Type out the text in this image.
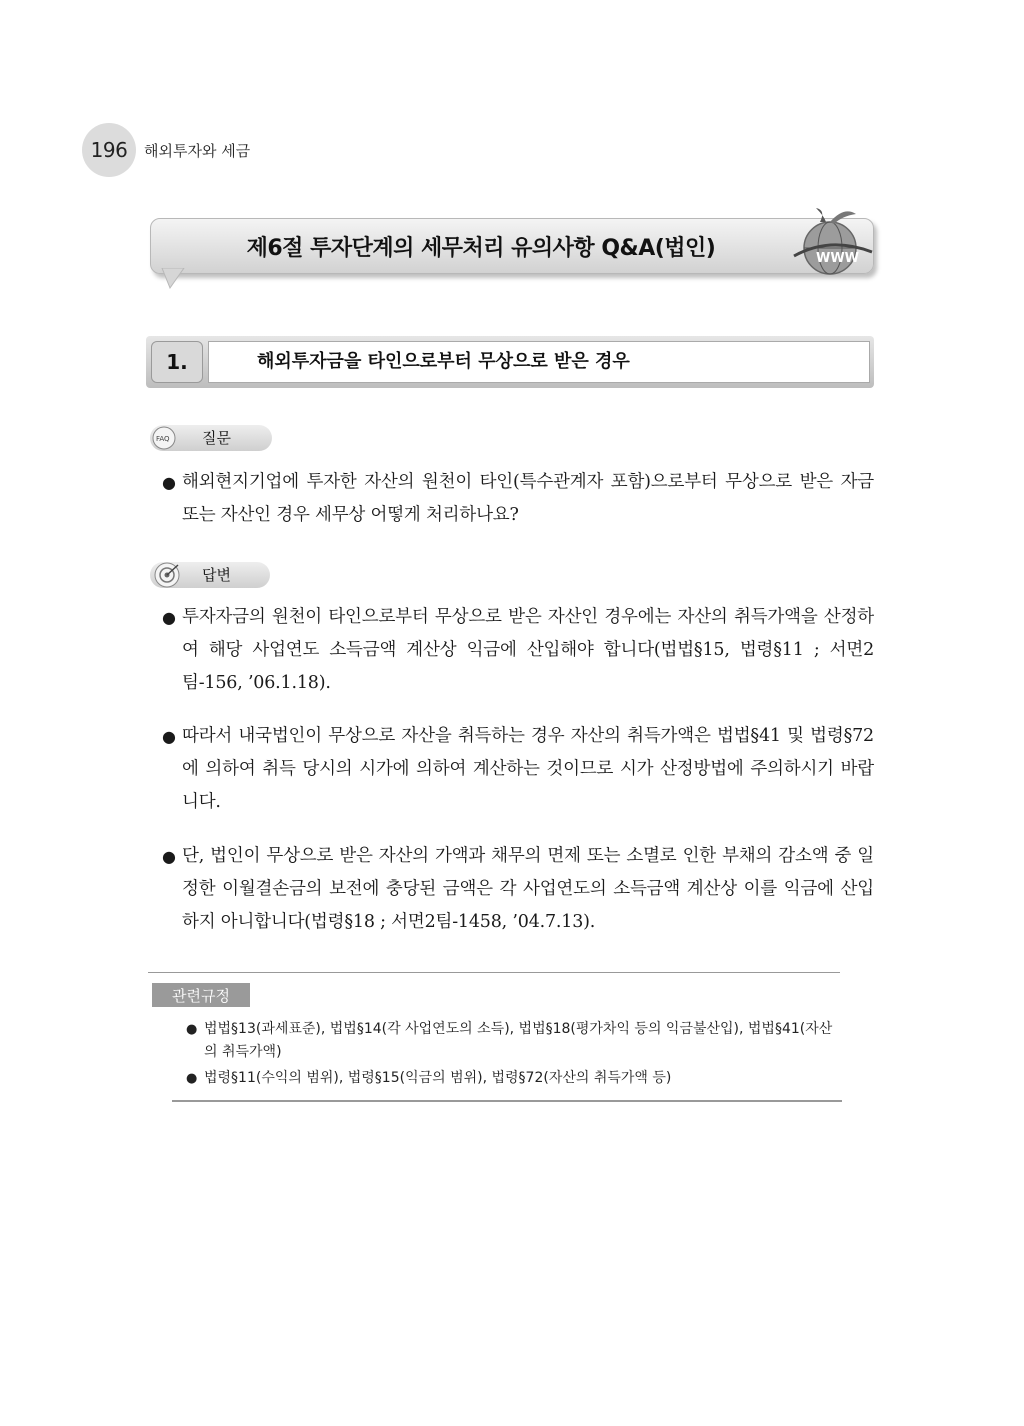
196	해외투자와 세금
제6절 투자단계의 세무처리 유의사항 Q&A(법인)	WWW
1.	해외투자금을 타인으로부터 무상으로 받은 경우
FAQ 질문
● 해외현지기업에 투자한 자산의 원천이 타인(특수관계자 포함)으로부터 무상으로 받은 자금 또는 자산인 경우 세무상 어떻게 처리하나요?
답변
● 투자자금의 원천이 타인으로부터 무상으로 받은 자산인 경우에는 자산의 취득가액을 산정하여 해당 사업연도 소득금액 계산상 익금에 산입해야 합니다(법법§15, 법령§11 ; 서면2팀-156, ’06.1.18).
● 따라서 내국법인이 무상으로 자산을 취득하는 경우 자산의 취득가액은 법법§41 및 법령§72에 의하여 취득 당시의 시가에 의하여 계산하는 것이므로 시가 산정방법에 주의하시기 바랍니다.
● 단, 법인이 무상으로 받은 자산의 가액과 채무의 면제 또는 소멸로 인한 부채의 감소액 중 일정한 이월결손금의 보전에 충당된 금액은 각 사업연도의 소득금액 계산상 이를 익금에 산입하지 아니합니다(법령§18 ; 서면2팀-1458, ’04.7.13).
관련규정
● 법법§13(과세표준), 법법§14(각 사업연도의 소득), 법법§18(평가차익 등의 익금불산입), 법법§41(자산의 취득가액)
● 법령§11(수익의 범위), 법령§15(익금의 범위), 법령§72(자산의 취득가액 등)
